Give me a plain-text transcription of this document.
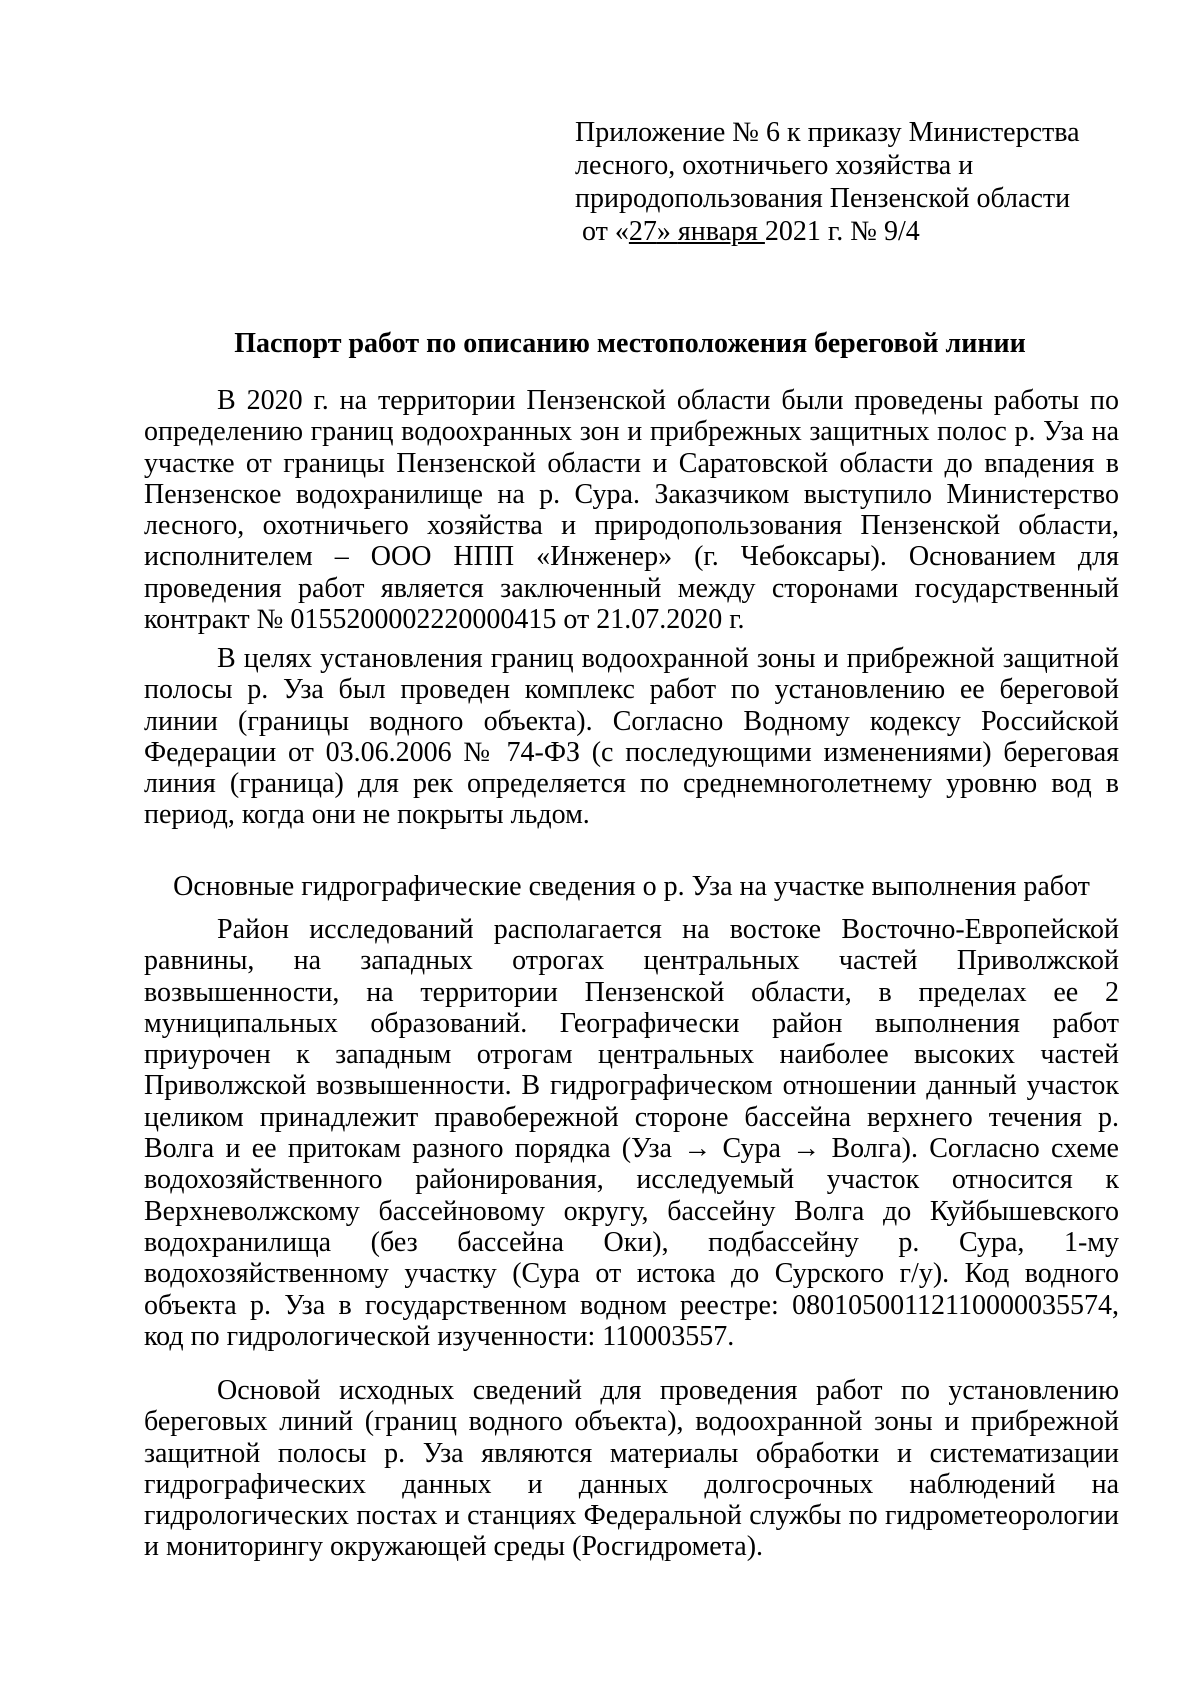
Приложение № 6 к приказу Министерства
лесного, охотничьего хозяйства и
природопользования Пензенской области
от «27» января 2021 г. № 9/4
Паспорт работ по описанию местоположения береговой линии

В 2020 г. на территории Пензенской области были проведены работы по определению границ водоохранных зон и прибрежных защитных полос р. Уза на участке от границы Пензенской области и Саратовской области до впадения в Пензенское водохранилище на р. Сура. Заказчиком выступило Министерство лесного, охотничьего хозяйства и природопользования Пензенской области, исполнителем – ООО НПП «Инженер» (г. Чебоксары). Основанием для проведения работ является заключенный между сторонами государственный контракт № 0155200002220000415 от 21.07.2020 г.

В целях установления границ водоохранной зоны и прибрежной защитной полосы р. Уза был проведен комплекс работ по установлению ее береговой линии (границы водного объекта). Согласно Водному кодексу Российской Федерации от 03.06.2006 № 74-ФЗ (с последующими изменениями) береговая линия (граница) для рек определяется по среднемноголетнему уровню вод в период, когда они не покрыты льдом.

Основные гидрографические сведения о р. Уза на участке выполнения работ

Район исследований располагается на востоке Восточно-Европейской равнины, на западных отрогах центральных частей Приволжской возвышенности, на территории Пензенской области, в пределах ее 2 муниципальных образований. Географически район выполнения работ приурочен к западным отрогам центральных наиболее высоких частей Приволжской возвышенности. В гидрографическом отношении данный участок целиком принадлежит правобережной стороне бассейна верхнего течения р. Волга и ее притокам разного порядка (Уза → Сура → Волга). Согласно схеме водохозяйственного районирования, исследуемый участок относится к Верхневолжскому бассейновому округу, бассейну Волга до Куйбышевского водохранилища (без бассейна Оки), подбассейну р. Сура, 1-му водохозяйственному участку (Сура от истока до Сурского г/у). Код водного объекта р. Уза в государственном водном реестре: 08010500112110000035574, код по гидрологической изученности: 110003557.

Основой исходных сведений для проведения работ по установлению береговых линий (границ водного объекта), водоохранной зоны и прибрежной защитной полосы р. Уза являются материалы обработки и систематизации гидрографических данных и данных долгосрочных наблюдений на гидрологических постах и станциях Федеральной службы по гидрометеорологии и мониторингу окружающей среды (Росгидромета).
